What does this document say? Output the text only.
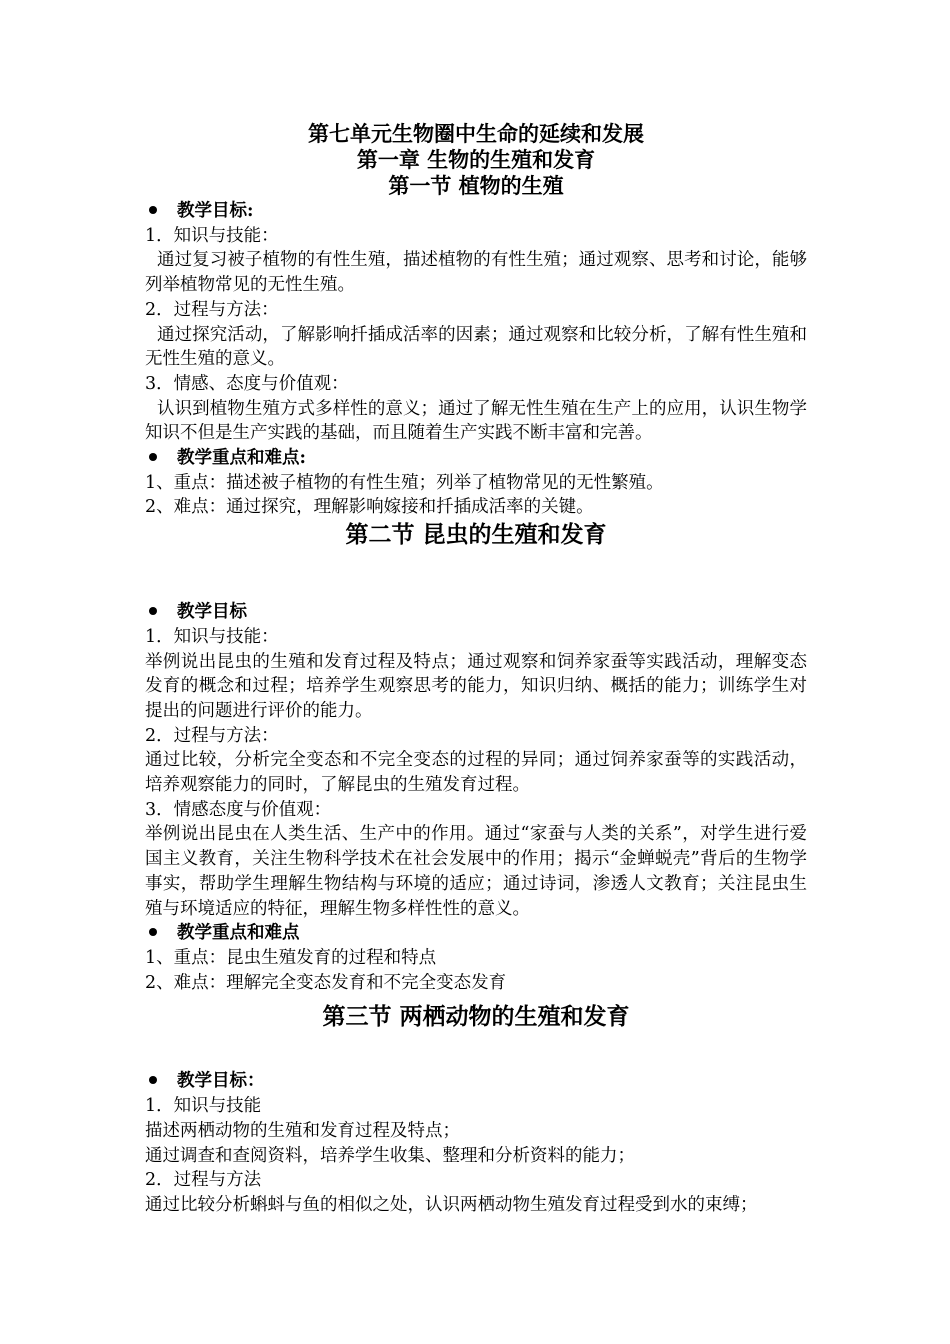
第七单元生物圈中生命的延续和发展
第一章 生物的生殖和发育
第一节 植物的生殖
教学目标:
1．知识与技能：
通过复习被子植物的有性生殖，描述植物的有性生殖；通过观察、思考和讨论，能够列举植物常见的无性生殖。
2．过程与方法：
通过探究活动，了解影响扦插成活率的因素；通过观察和比较分析，了解有性生殖和无性生殖的意义。
3．情感、态度与价值观：
认识到植物生殖方式多样性的意义；通过了解无性生殖在生产上的应用，认识生物学知识不但是生产实践的基础，而且随着生产实践不断丰富和完善。
教学重点和难点:
1、重点：描述被子植物的有性生殖；列举了植物常见的无性繁殖。
2、难点：通过探究，理解影响嫁接和扦插成活率的关键。
第二节 昆虫的生殖和发育
教学目标
1．知识与技能：
举例说出昆虫的生殖和发育过程及特点；通过观察和饲养家蚕等实践活动，理解变态发育的概念和过程；培养学生观察思考的能力，知识归纳、概括的能力；训练学生对提出的问题进行评价的能力。
2．过程与方法：
通过比较，分析完全变态和不完全变态的过程的异同；通过饲养家蚕等的实践活动，培养观察能力的同时，了解昆虫的生殖发育过程。
3．情感态度与价值观：
举例说出昆虫在人类生活、生产中的作用。通过“家蚕与人类的关系”，对学生进行爱国主义教育，关注生物科学技术在社会发展中的作用；揭示“金蝉蜕壳”背后的生物学事实，帮助学生理解生物结构与环境的适应；通过诗词，渗透人文教育；关注昆虫生殖与环境适应的特征，理解生物多样性性的意义。
教学重点和难点
1、重点：昆虫生殖发育的过程和特点
2、难点：理解完全变态发育和不完全变态发育
第三节 两栖动物的生殖和发育
教学目标：
1．知识与技能
描述两栖动物的生殖和发育过程及特点；
通过调查和查阅资料，培养学生收集、整理和分析资料的能力；
2．过程与方法
通过比较分析蝌蚪与鱼的相似之处，认识两栖动物生殖发育过程受到水的束缚；
